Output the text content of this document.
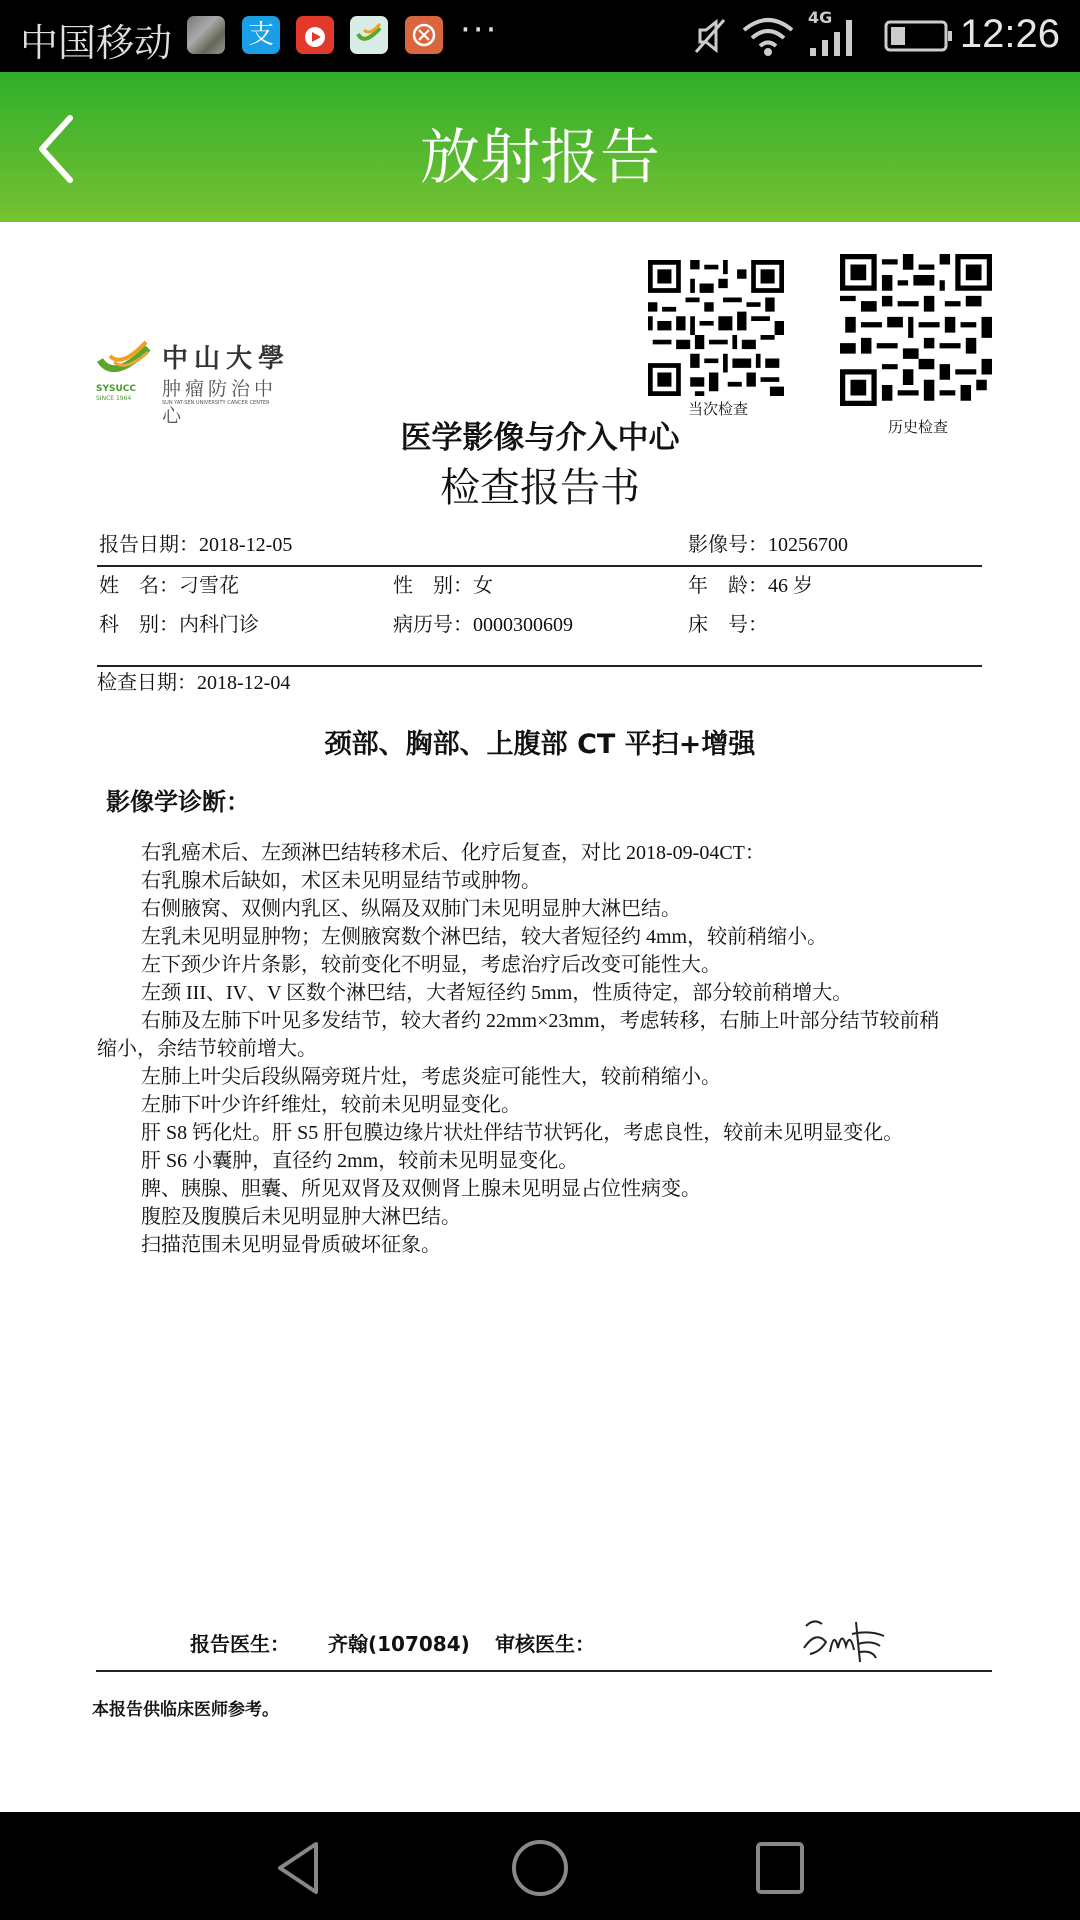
中国移动	支	···	4G	12:26
放射报告
SYSUCC
SINCE 1964
中山大學
肿瘤防治中心
SUN YAT-SEN UNIVERSITY CANCER CENTER	当次检查
历史检查
医学影像与介入中心
检查报告书
报告日期：2018-12-05	影像号：10256700
姓　名：刁雪花	性　别：女	年　龄：46 岁
科　别：内科门诊	病历号：0000300609	床　号：
检查日期：2018-12-04
颈部、胸部、上腹部 CT 平扫+增强
影像学诊断：

右乳癌术后、左颈淋巴结转移术后、化疗后复查，对比 2018-09-04CT：

右乳腺术后缺如，术区未见明显结节或肿物。

右侧腋窝、双侧内乳区、纵隔及双肺门未见明显肿大淋巴结。

左乳未见明显肿物；左侧腋窝数个淋巴结，较大者短径约 4mm，较前稍缩小。

左下颈少许片条影，较前变化不明显，考虑治疗后改变可能性大。

左颈 III、IV、V 区数个淋巴结，大者短径约 5mm，性质待定，部分较前稍增大。

右肺及左肺下叶见多发结节，较大者约 22mm×23mm，考虑转移，右肺上叶部分结节较前稍缩小，余结节较前增大。

左肺上叶尖后段纵隔旁斑片灶，考虑炎症可能性大，较前稍缩小。

左肺下叶少许纤维灶，较前未见明显变化。

肝 S8 钙化灶。肝 S5 肝包膜边缘片状灶伴结节状钙化，考虑良性，较前未见明显变化。

肝 S6 小囊肿，直径约 2mm，较前未见明显变化。

脾、胰腺、胆囊、所见双肾及双侧肾上腺未见明显占位性病变。

腹腔及腹膜后未见明显肿大淋巴结。

扫描范围未见明显骨质破坏征象。

报告医生： 齐翰(107084) 审核医生：
本报告供临床医师参考。
